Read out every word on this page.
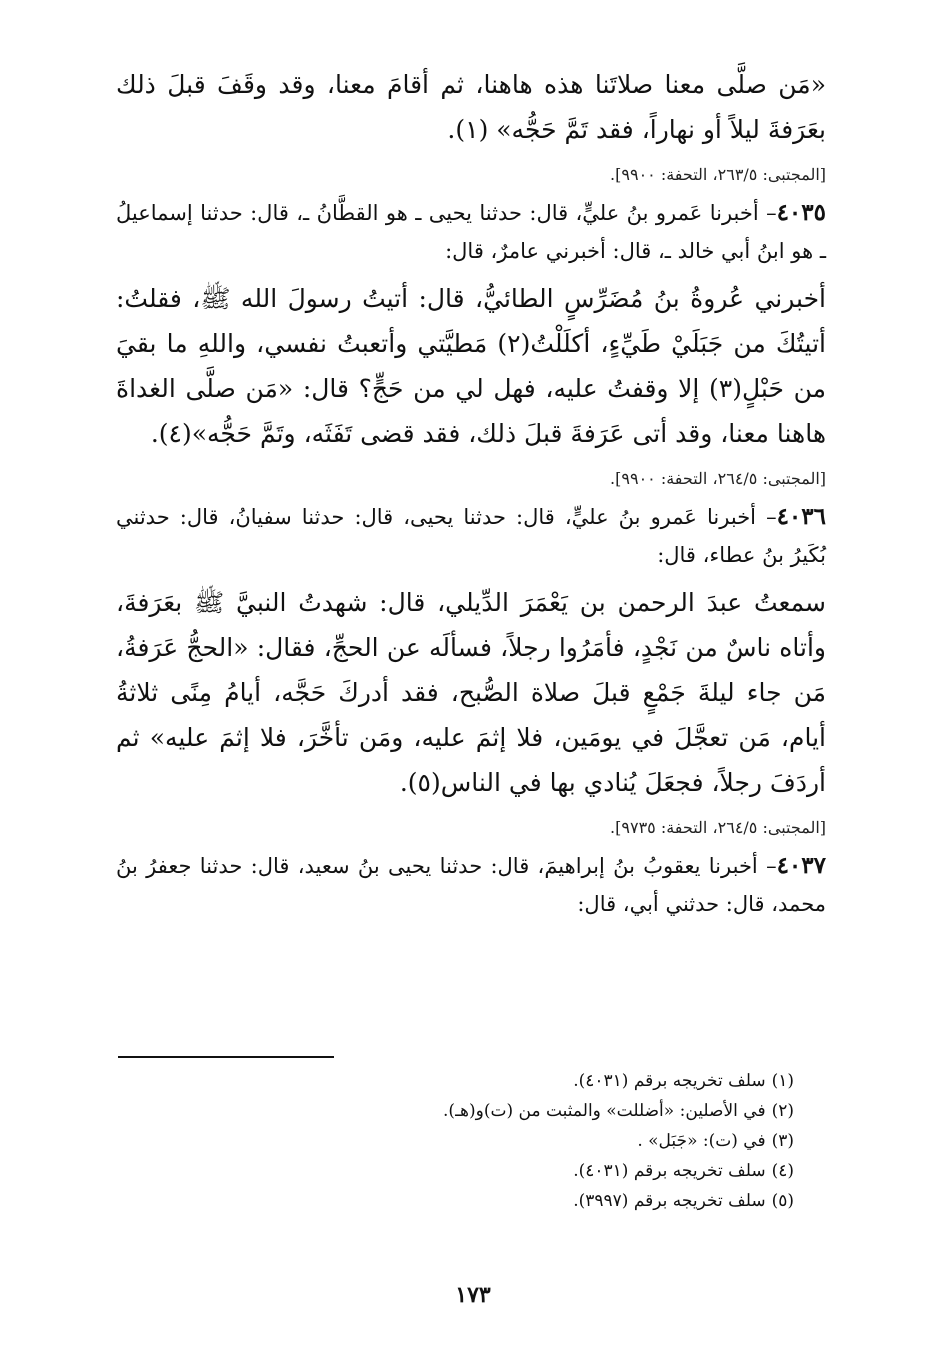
«مَن صلَّى معنا صلاتَنا هذه هاهنا، ثم أقامَ معنا، وقد وقَفَ قبلَ ذلك بعَرَفةَ ليلاً أو نهاراً، فقد تَمَّ حَجُّه» (١).

[المجتبى: ٢٦٣/٥، التحفة: ٩٩٠٠].

٤٠٣٥– أخبرنا عَمرو بنُ عليٍّ، قال: حدثنا يحيى ـ هو القطَّانُ ـ، قال: حدثنا إسماعيلُ ـ هو ابنُ أبي خالد ـ، قال: أخبرني عامرٌ، قال:

أخبرني عُروةُ بنُ مُضَرِّسٍ الطائيُّ، قال: أتيتُ رسولَ الله ﷺ، فقلتُ: أتيتُكَ من جَبَلَيْ طَيِّءٍ، أكلَلْتُ(٢) مَطيَّتي وأتعبتُ نفسي، واللهِ ما بقيَ من حَبْلٍ(٣) إلا وقفتُ عليه، فهل لي من حَجٍّ؟ قال: «مَن صلَّى الغداةَ هاهنا معنا، وقد أتى عَرَفةَ قبلَ ذلك، فقد قضى تَفَثَه، وتَمَّ حَجُّه»(٤).

[المجتبى: ٢٦٤/٥، التحفة: ٩٩٠٠].

٤٠٣٦– أخبرنا عَمرو بنُ عليٍّ، قال: حدثنا يحيى، قال: حدثنا سفيانُ، قال: حدثني بُكَيرُ بنُ عطاء، قال:

سمعتُ عبدَ الرحمن بن يَعْمَرَ الدِّيلي، قال: شهدتُ النبيَّ ﷺ بعَرَفةَ، وأتاه ناسٌ من نَجْدٍ، فأمَرُوا رجلاً، فسألَه عن الحجِّ، فقال: «الحجُّ عَرَفةُ، مَن جاء ليلةَ جَمْعٍ قبلَ صلاة الصُّبح، فقد أدركَ حَجَّه، أيامُ مِنًى ثلاثةُ أيام، مَن تعجَّلَ في يومَين، فلا إثمَ عليه، ومَن تأخَّرَ، فلا إثمَ عليه» ثم أردَفَ رجلاً، فجعَلَ يُنادي بها في الناس(٥).

[المجتبى: ٢٦٤/٥، التحفة: ٩٧٣٥].

٤٠٣٧– أخبرنا يعقوبُ بنُ إبراهيمَ، قال: حدثنا يحيى بنُ سعيد، قال: حدثنا جعفرُ بنُ محمد، قال: حدثني أبي، قال:

(١)سلف تخريجه برقم (٤٠٣١).
(٢)في الأصلين: «أضللت» والمثبت من (ت)و(هـ).
(٣)في (ت): «جَبَل» .
(٤)سلف تخريجه برقم (٤٠٣١).
(٥)سلف تخريجه برقم (٣٩٩٧).
١٧٣
